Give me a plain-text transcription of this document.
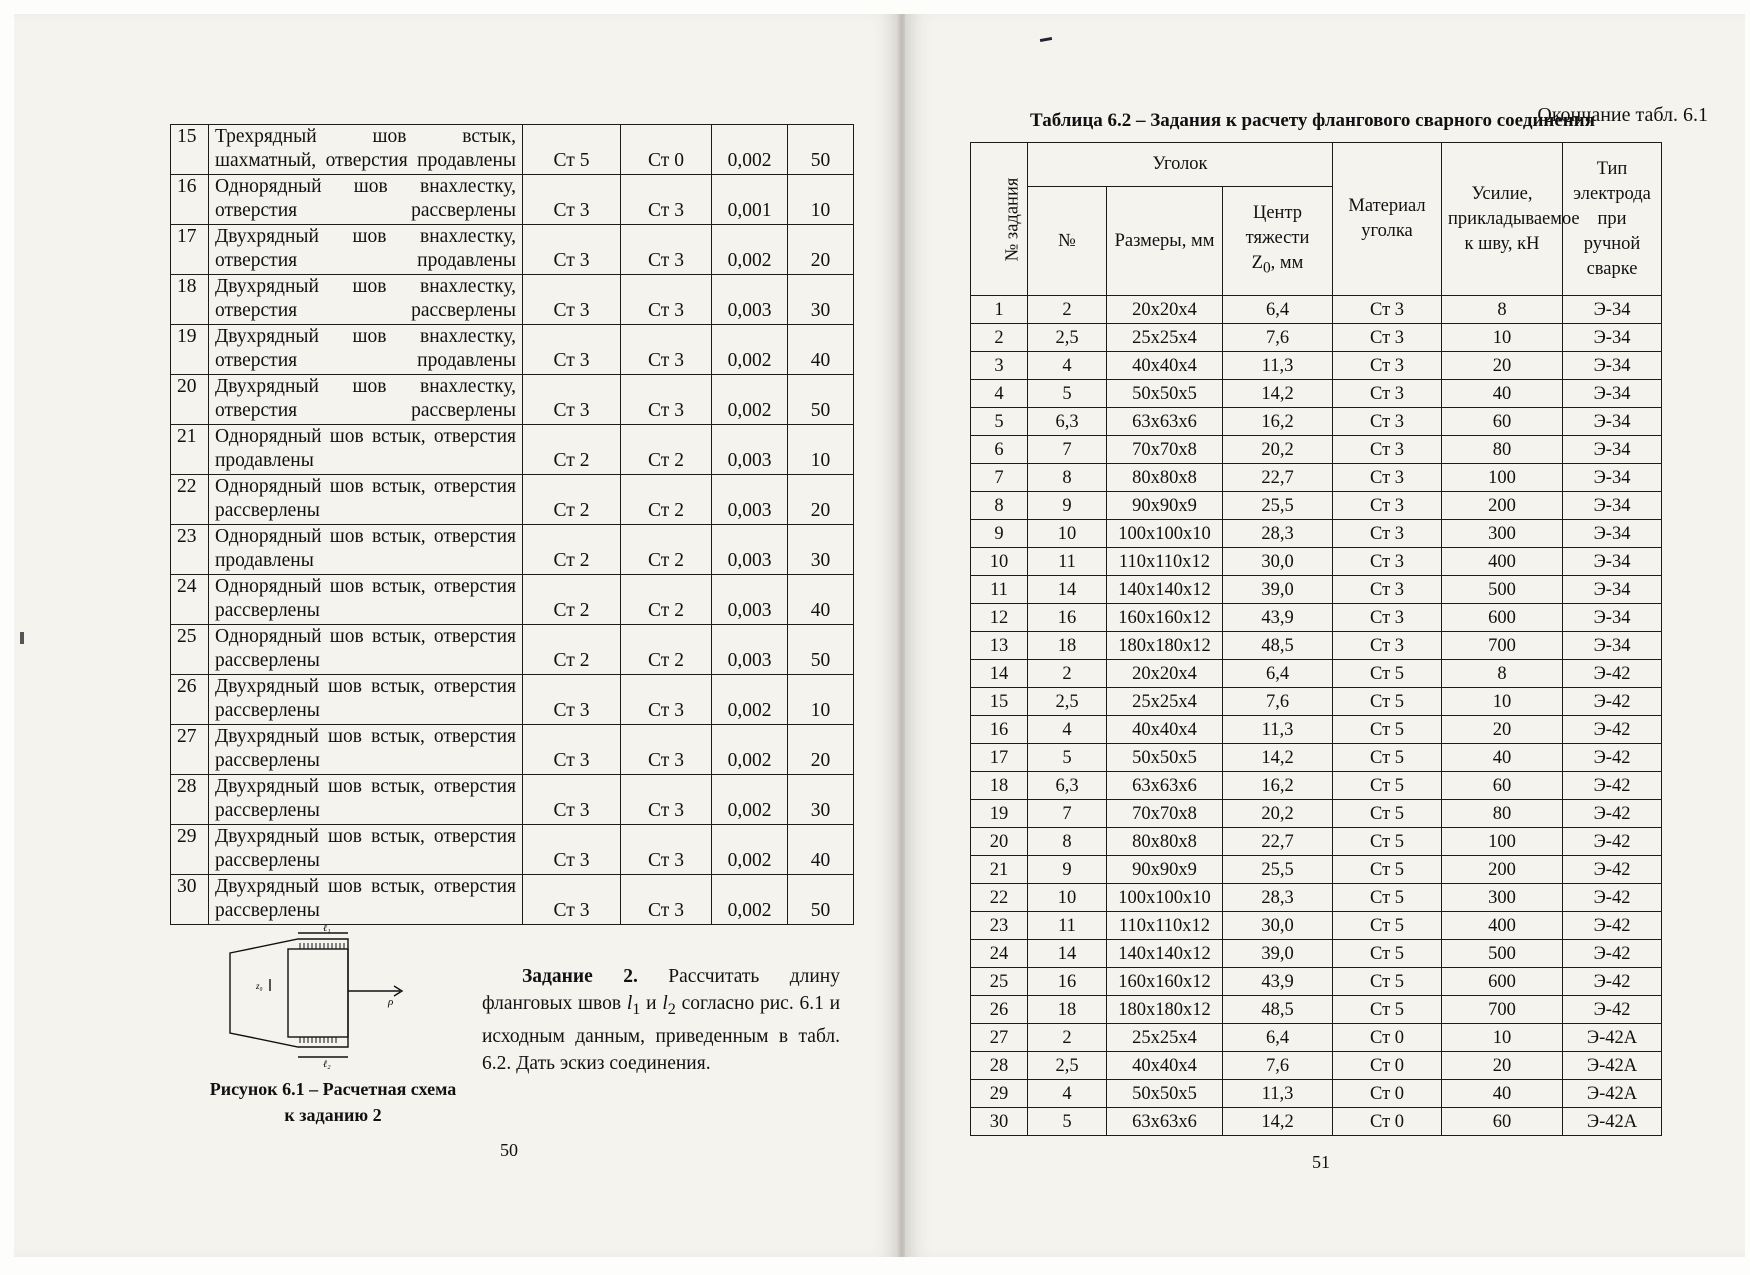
Окончание табл. 6.1
15	Трехрядный шов встык, шахматный, отверстия продавлены	Ст 5	Ст 0	0,002	50
16	Однорядный шов внахлестку, отверстия рассверлены	Ст 3	Ст 3	0,001	10
17	Двухрядный шов внахлестку, отверстия продавлены	Ст 3	Ст 3	0,002	20
18	Двухрядный шов внахлестку, отверстия рассверлены	Ст 3	Ст 3	0,003	30
19	Двухрядный шов внахлестку, отверстия продавлены	Ст 3	Ст 3	0,002	40
20	Двухрядный шов внахлестку, отверстия рассверлены	Ст 3	Ст 3	0,002	50
21	Однорядный шов встык, отверстия продавлены	Ст 2	Ст 2	0,003	10
22	Однорядный шов встык, отверстия рассверлены	Ст 2	Ст 2	0,003	20
23	Однорядный шов встык, отверстия продавлены	Ст 2	Ст 2	0,003	30
24	Однорядный шов встык, отверстия рассверлены	Ст 2	Ст 2	0,003	40
25	Однорядный шов встык, отверстия рассверлены	Ст 2	Ст 2	0,003	50
26	Двухрядный шов встык, отверстия рассверлены	Ст 3	Ст 3	0,002	10
27	Двухрядный шов встык, отверстия рассверлены	Ст 3	Ст 3	0,002	20
28	Двухрядный шов встык, отверстия рассверлены	Ст 3	Ст 3	0,002	30
29	Двухрядный шов встык, отверстия рассверлены	Ст 3	Ст 3	0,002	40
30	Двухрядный шов встык, отверстия рассверлены	Ст 3	Ст 3	0,002	50
ℓ₁
ℓ₂
z₀
ρ
Рисунок 6.1 – Расчетная схема
к заданию 2
Задание 2. Рассчитать длину фланговых швов $l_1$ и $l_2$ согласно рис. 6.1 и исходным данным, приведенным в табл. 6.2. Дать эскиз соединения.
50
Таблица 6.2 – Задания к расчету флангового сварного соединения
№ задания	Уголок			Материал уголка	Усилие, прикладываемое к шву, кН	Тип электрода при ручной сварке
	№	Размеры, мм	Центр тяжести
$Z_0$, мм			
1	2	20x20x4	6,4	Ст 3	8	Э-34
2	2,5	25x25x4	7,6	Ст 3	10	Э-34
3	4	40x40x4	11,3	Ст 3	20	Э-34
4	5	50x50x5	14,2	Ст 3	40	Э-34
5	6,3	63x63x6	16,2	Ст 3	60	Э-34
6	7	70x70x8	20,2	Ст 3	80	Э-34
7	8	80x80x8	22,7	Ст 3	100	Э-34
8	9	90x90x9	25,5	Ст 3	200	Э-34
9	10	100x100x10	28,3	Ст 3	300	Э-34
10	11	110x110x12	30,0	Ст 3	400	Э-34
11	14	140x140x12	39,0	Ст 3	500	Э-34
12	16	160x160x12	43,9	Ст 3	600	Э-34
13	18	180x180x12	48,5	Ст 3	700	Э-34
14	2	20x20x4	6,4	Ст 5	8	Э-42
15	2,5	25x25x4	7,6	Ст 5	10	Э-42
16	4	40x40x4	11,3	Ст 5	20	Э-42
17	5	50x50x5	14,2	Ст 5	40	Э-42
18	6,3	63x63x6	16,2	Ст 5	60	Э-42
19	7	70x70x8	20,2	Ст 5	80	Э-42
20	8	80x80x8	22,7	Ст 5	100	Э-42
21	9	90x90x9	25,5	Ст 5	200	Э-42
22	10	100x100x10	28,3	Ст 5	300	Э-42
23	11	110x110x12	30,0	Ст 5	400	Э-42
24	14	140x140x12	39,0	Ст 5	500	Э-42
25	16	160x160x12	43,9	Ст 5	600	Э-42
26	18	180x180x12	48,5	Ст 5	700	Э-42
27	2	25x25x4	6,4	Ст 0	10	Э-42А
28	2,5	40x40x4	7,6	Ст 0	20	Э-42А
29	4	50x50x5	11,3	Ст 0	40	Э-42А
30	5	63x63x6	14,2	Ст 0	60	Э-42А
51
